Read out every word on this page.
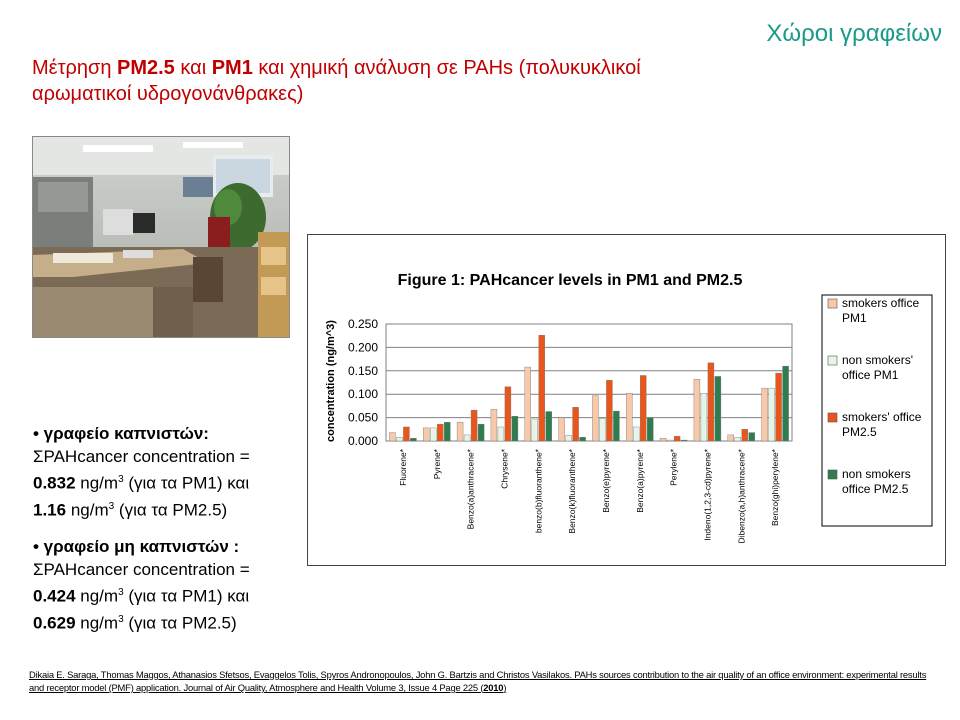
Χώροι γραφείων
Μέτρηση PM2.5 και PM1 και χημική ανάλυση σε PAHs (πολυκυκλικοί αρωματικοί υδρογονάνθρακες)
• γραφείο καπνιστών:
ΣPAHcancer concentration =
0.832 $ng/m^3$ (για τα PM1) και
1.16 $ng/m^3$ (για τα PM2.5)
• γραφείο μη καπνιστών :
ΣPAHcancer concentration =
0.424 $ng/m^3$ (για τα PM1) και
0.629 $ng/m^3$ (για τα PM2.5)
Figure 1: PAHcancer levels in PM1 and PM2.5
concentration (ng/m^3) 0.000
0.050
0.100
0.150
0.200
0.250
Fluorene*	Pyrene*	Benzo(a)anthracene*	Chrysene*	benzo(b)fluoranthene*	Benzo(k)fluoranthene*	Benzo(e)pyrene*	Benzo(a)pyrene*	Perylene*	Indeno(1,2,3-cd)pyrene*	Dibenzo(a,h)anthracene*	Benzo(ghi)perylene*
smokers office PM1
non smokers' office PM1
smokers' office PM2.5
non smokers office PM2.5
Dikaia E. Saraga, Thomas Maggos, Athanasios Sfetsos, Evaggelos Tolis, Spyros Andronopoulos, John G. Bartzis and Christos Vasilakos. PAHs sources contribution to the air quality of an office environment: experimental results and receptor model (PMF) application. Journal of Air Quality, Atmosphere and Health Volume 3, Issue 4 Page 225 (2010)
